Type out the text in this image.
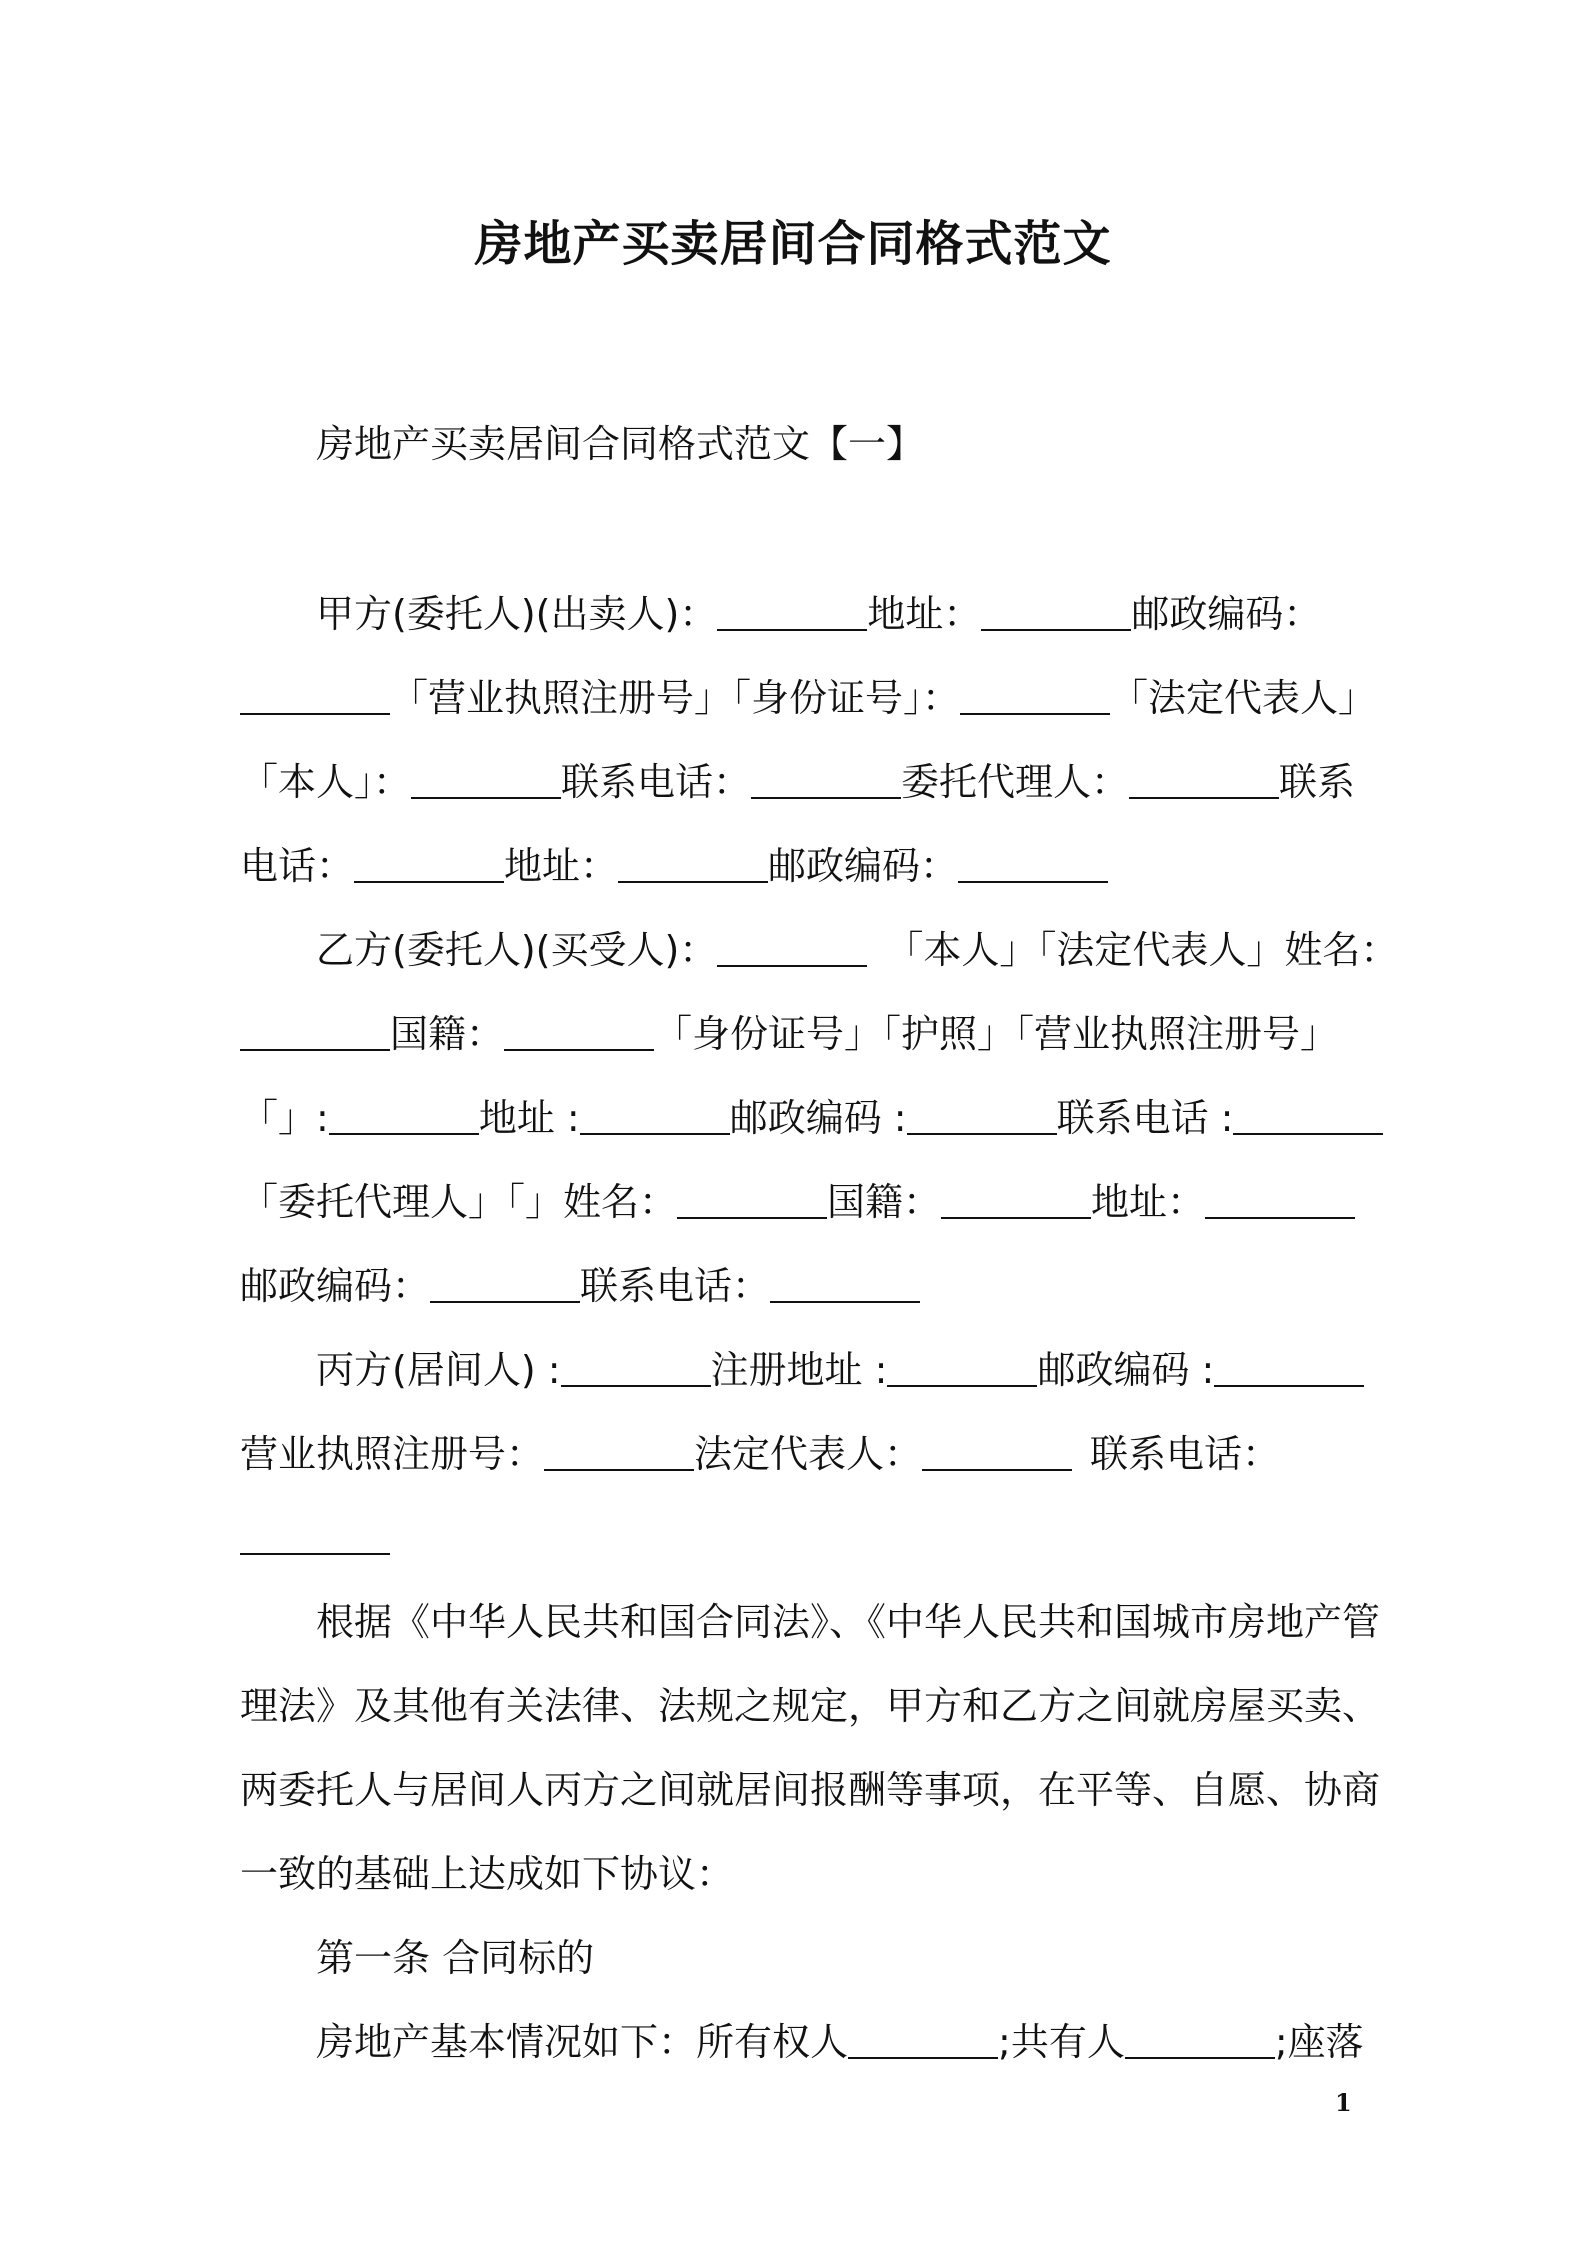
房地产买卖居间合同格式范文
房地产买卖居间合同格式范文【一】
甲方(委托人)(出卖人)：	地址：	邮政编码：
「营业执照注册号」「身份证号」：	「法定代表人」
「本人」：	联系电话：	委托代理人：	联系
电话：	地址：	邮政编码：
乙方(委托人)(买受人)：	「本人」「法定代表人」姓名：
国籍：	「身份证号」「护照」「营业执照注册号」
「」:	地址 :	邮政编码 :	联系电话 :
「委托代理人」「」姓名：	国籍：	地址：
邮政编码：	联系电话：
丙方(居间人) :	注册地址 :	邮政编码 :
营业执照注册号：	法定代表人：	联系电话：
根据《中华人民共和国合同法》、《中华人民共和国城市房地产管
理法》及其他有关法律、法规之规定，甲方和乙方之间就房屋买卖、
两委托人与居间人丙方之间就居间报酬等事项，在平等、自愿、协商
一致的基础上达成如下协议：
第一条 合同标的
房地产基本情况如下：所有权人	;共有人	;座落
1
